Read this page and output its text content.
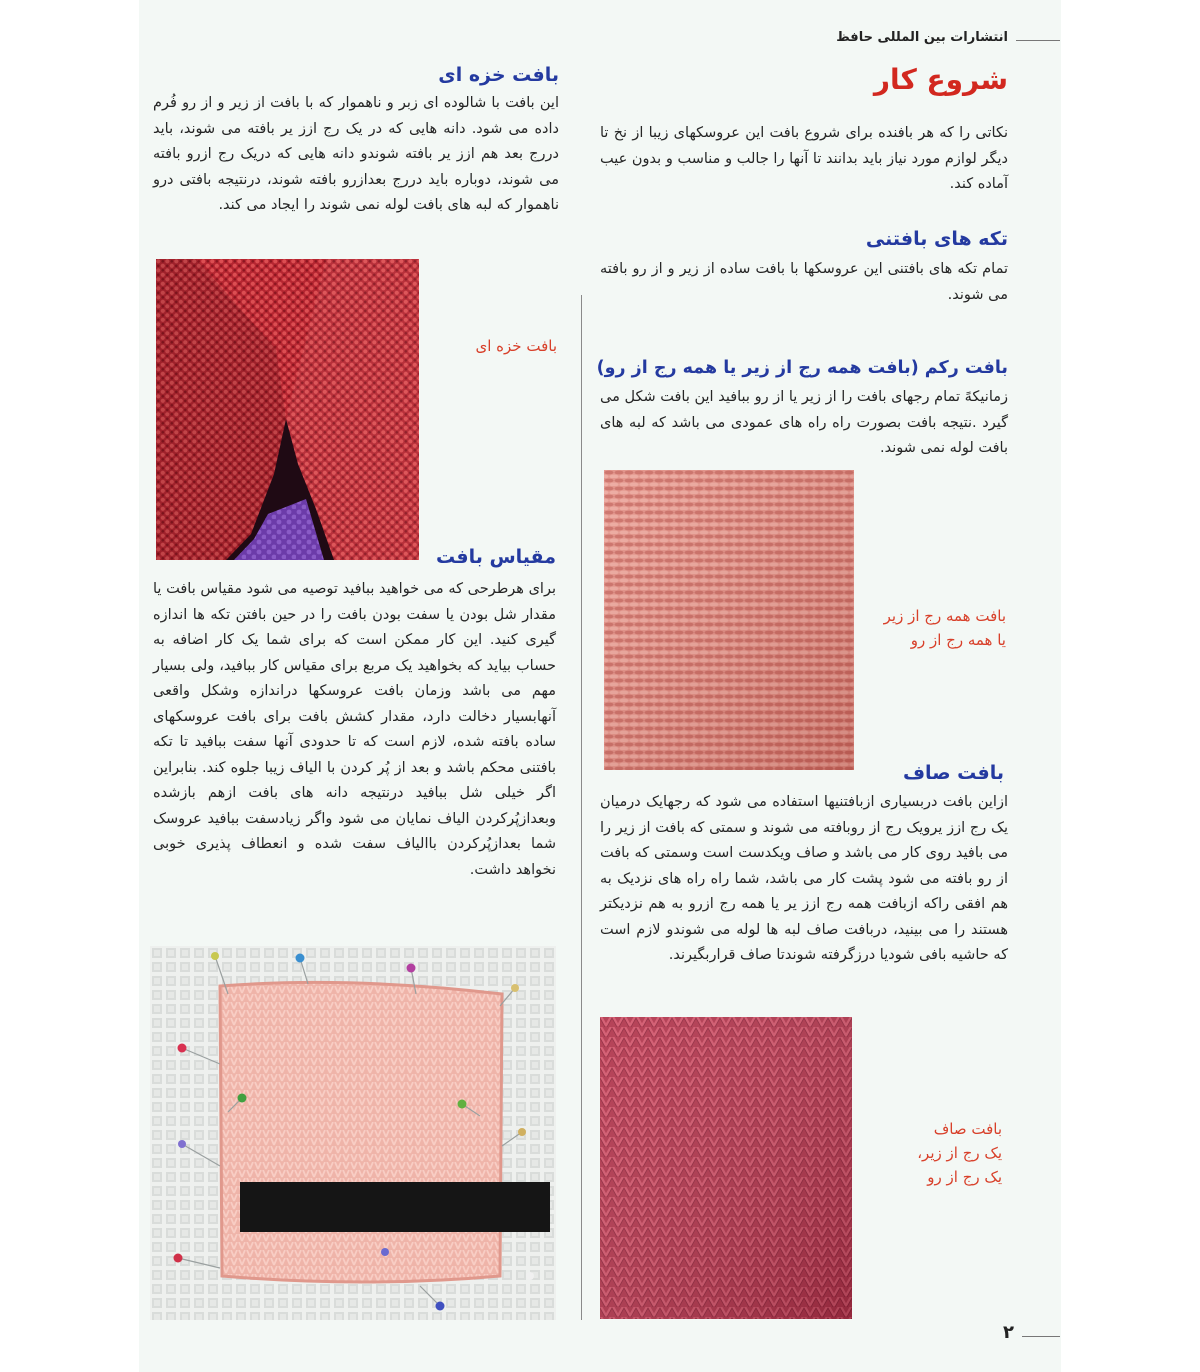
انتشارات بین المللی حافظ
شروع کار
نکاتی را که هر بافنده برای شروع بافت این عروسکهای زیبا از نخ تا دیگر لوازم مورد نیاز باید بدانند تا آنها را جالب و مناسب و بدون عیب آماده کند.
تکه های بافتنی
تمام تکه های بافتنی این عروسکها با بافت ساده از زیر و از رو بافته می شوند.
بافت رکم (بافت همه رج از زیر یا همه رج از رو)
زمانیکهً تمام رجهای بافت را از زیر یا از رو ببافید این بافت شکل می گیرد .نتیجه بافت بصورت راه راه های عمودی می باشد که لبه های بافت لوله نمی شوند.
بافت همه رج از زیر
یا همه رج از رو
بافت صاف
ازاین بافت دربسیاری ازبافتنیها استفاده می شود که رجهایک درمیان یک رج ازز یرویک رج از روبافته می شوند و سمتی که بافت از زیر را می بافید روی کار می باشد و صاف ویکدست است وسمتی که بافت از رو بافته می شود پشت کار می باشد، شما راه راه های نزدیک به هم افقی راکه ازبافت همه رج ازز یر یا همه رج ازرو به هم نزدیکتر هستند را می بینید، دربافت صاف لبه ها لوله می شوندو لازم است که حاشیه بافی شودیا درزگرفته شوندتا صاف قراربگیرند.
بافت صاف
یک رج از زیر،
یک رج از رو
بافت خزه ای
این بافت با شالوده ای زبر و ناهموار که با بافت از زیر و از رو فُرم داده می شود. دانه هایی که در یک رج ازز یر بافته می شوند، باید دررج بعد هم ازز یر بافته شوندو دانه هایی که دریک رج ازرو بافته می شوند، دوباره باید دررج بعدازرو بافته شوند، درنتیجه بافتی درو ناهموار که لبه های بافت لوله نمی شوند را ایجاد می کند.
بافت خزه ای
مقیاس بافت
برای هرطرحی که می خواهید ببافید توصیه می شود مقیاس بافت یا مقدار شل بودن یا سفت بودن بافت را در حین بافتن تکه ها اندازه گیری کنید. این کار ممکن است که برای شما یک کار اضافه به حساب بیاید که بخواهید یک مربع برای مقیاس کار ببافید، ولی بسیار مهم می باشد وزمان بافت عروسکها دراندازه وشکل واقعی آنهابسیار دخالت دارد، مقدار کشش بافت برای بافت عروسکهای ساده بافته شده، لازم است که تا حدودی آنها سفت ببافید تا تکه بافتنی محکم باشد و بعد از پُر کردن با الیاف زیبا جلوه کند. بنابراین اگر خیلی شل ببافید درنتیجه دانه های بافت ازهم بازشده وبعدازپُرکردن الیاف نمایان می شود واگر زیادسفت ببافید عروسک شما بعدازپُرکردن باالیاف سفت شده و انعطاف پذیری خوبی نخواهد داشت.
۲
